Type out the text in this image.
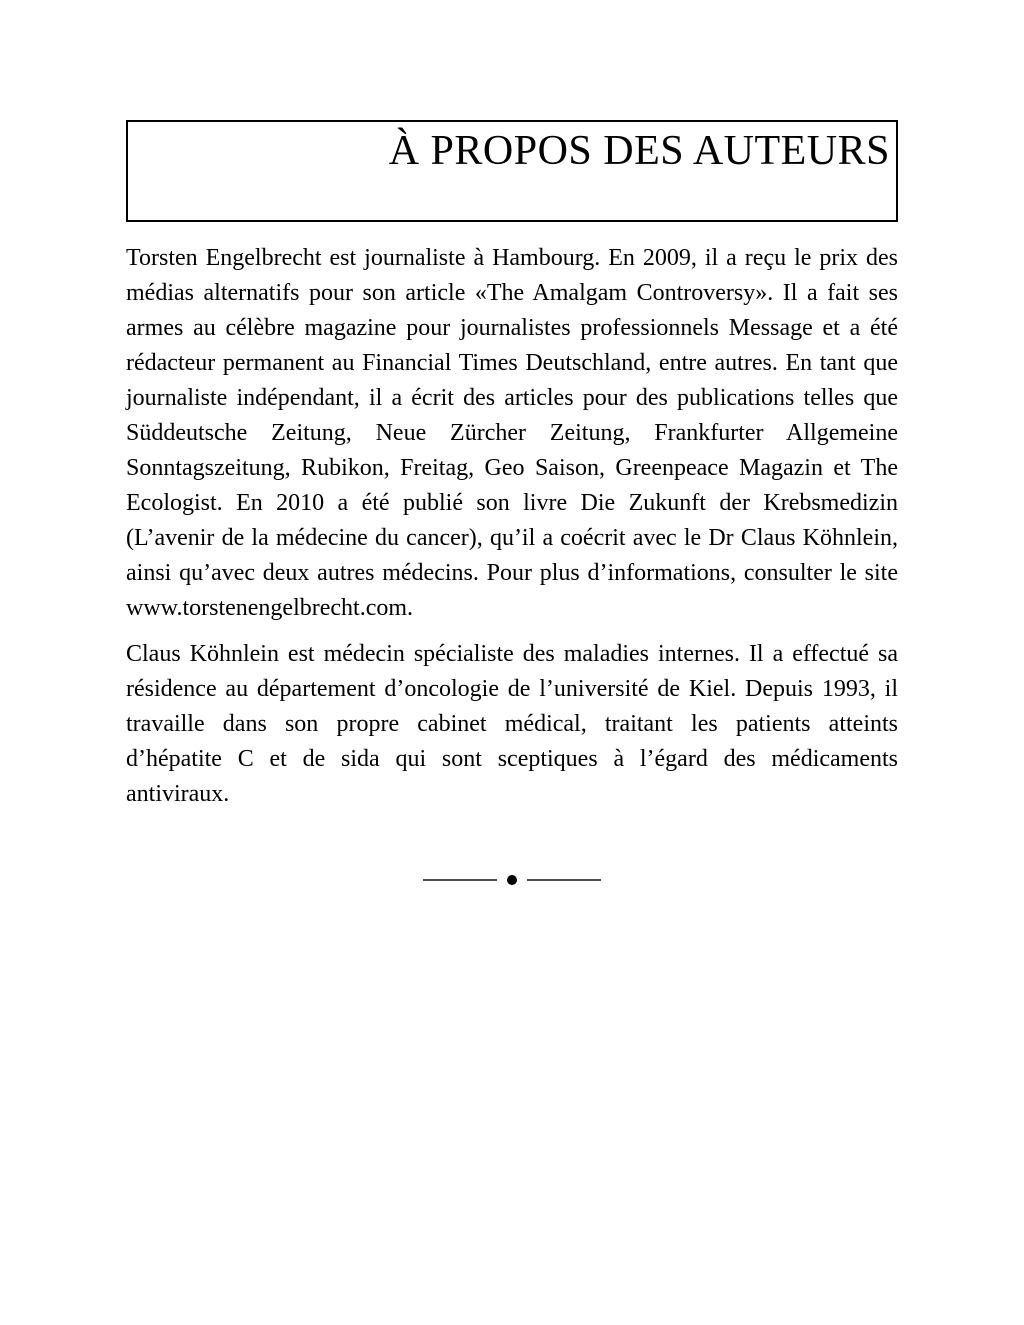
À PROPOS DES AUTEURS

Torsten Engelbrecht est journaliste à Hambourg. En 2009, il a reçu le prix des médias alternatifs pour son article «The Amalgam Controversy». Il a fait ses armes au célèbre magazine pour journalistes professionnels Message et a été rédacteur permanent au Financial Times Deutschland, entre autres. En tant que journaliste indépendant, il a écrit des articles pour des publications telles que Süddeutsche Zeitung, Neue Zürcher Zeitung, Frankfurter Allgemeine Sonntagszeitung, Rubikon, Freitag, Geo Saison, Greenpeace Magazin et The Ecologist. En 2010 a été publié son livre Die Zukunft der Krebsmedizin (L’avenir de la médecine du cancer), qu’il a coécrit avec le Dr Claus Köhnlein, ainsi qu’avec deux autres médecins. Pour plus d’informations, consulter le site www.torstenengelbrecht.com.

Claus Köhnlein est médecin spécialiste des maladies internes. Il a effectué sa résidence au département d’oncologie de l’université de Kiel. Depuis 1993, il travaille dans son propre cabinet médical, traitant les patients atteints d’hépatite C et de sida qui sont sceptiques à l’égard des médicaments antiviraux.
